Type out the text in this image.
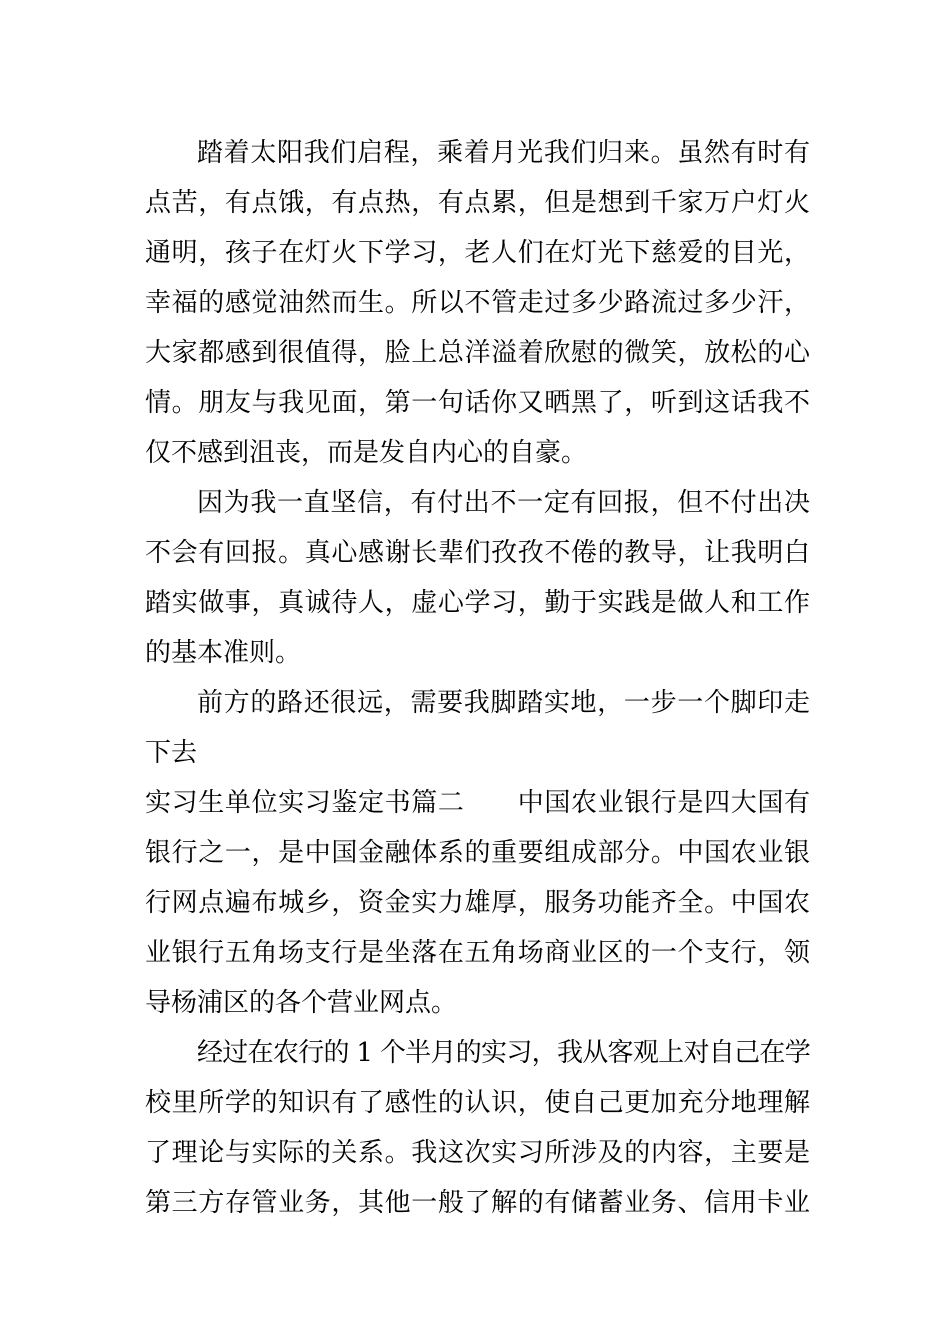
踏着太阳我们启程，乘着月光我们归来。虽然有时有
点苦，有点饿，有点热，有点累，但是想到千家万户灯火
通明，孩子在灯火下学习，老人们在灯光下慈爱的目光，
幸福的感觉油然而生。所以不管走过多少路流过多少汗，
大家都感到很值得，脸上总洋溢着欣慰的微笑，放松的心
情。朋友与我见面，第一句话你又晒黑了，听到这话我不
仅不感到沮丧，而是发自内心的自豪。
因为我一直坚信，有付出不一定有回报，但不付出决
不会有回报。真心感谢长辈们孜孜不倦的教导，让我明白
踏实做事，真诚待人，虚心学习，勤于实践是做人和工作
的基本准则。
前方的路还很远，需要我脚踏实地，一步一个脚印走
下去
实习生单位实习鉴定书篇二　　中国农业银行是四大国有
银行之一，是中国金融体系的重要组成部分。中国农业银
行网点遍布城乡，资金实力雄厚，服务功能齐全。中国农
业银行五角场支行是坐落在五角场商业区的一个支行，领
导杨浦区的各个营业网点。
经过在农行的 1 个半月的实习，我从客观上对自己在学
校里所学的知识有了感性的认识，使自己更加充分地理解
了理论与实际的关系。我这次实习所涉及的内容，主要是
第三方存管业务，其他一般了解的有储蓄业务、信用卡业
